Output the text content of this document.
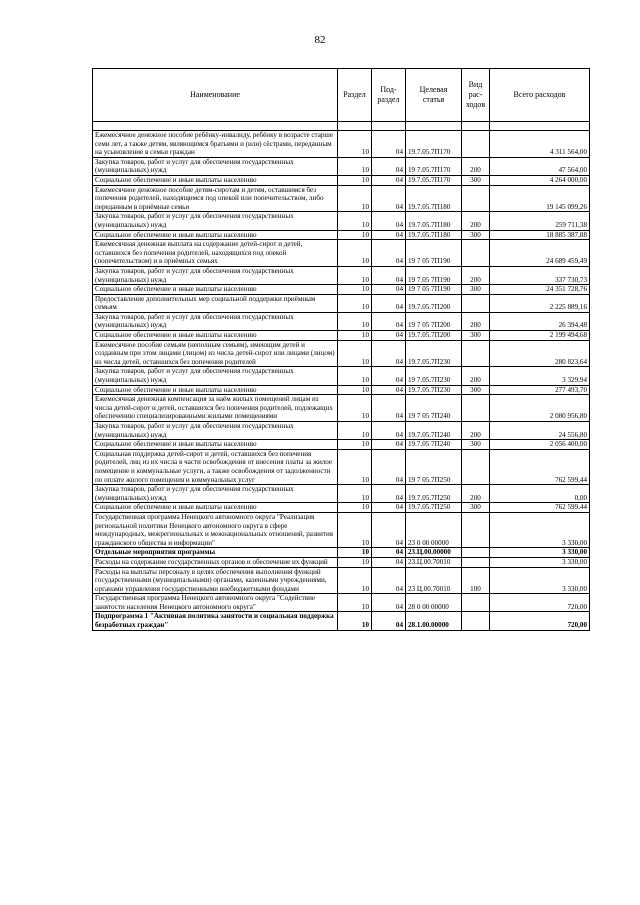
82
Наименование	Раздел	Под-раздел	Целевая статья	Вид рас-ходов	Всего расходов

Ежемесячное денежное пособие ребёнку-инвалиду, ребёнку в возрасте старше семи лет, а также детям, являющимся братьями и (или) сёстрами, переданным на усыновление в семьи граждан	10	04	19.7.05.7П170		4 311 564,00
Закупка товаров, работ и услуг для обеспечения государственных (муниципальных) нужд	10	04	19 7.05.7П170	200	47 564,00
Социальное обеспечение и иные выплаты населению	10	04	19.7.05.7П170	300	4 264 000,00
Ежемесячное денежное пособие детям-сиротам и детям, оставшимся без попечения родителей, находящимся под опекой или попечительством, либо переданным в приёмные семьи	10	04	19.7.05.7П180		19 145 099,26
Закупка товаров, работ и услуг для обеспечения государственных (муниципальных) нужд	10	04	19.7.05.7П180	200	259 711,38
Социальное обеспечение и иные выплаты населению	10	04	19.7.05.7П180	300	18 885 387,88
Ежемесячная денежная выплата на содержание детей-сирот и детей, оставшихся без попечения родителей, находящихся под опекой (попечительством) и в приёмных семьях	10	04	19 7 05 7П190		24 689 459,49
Закупка товаров, работ и услуг для обеспечения государственных (муниципальных) нужд	10	04	19 7.05 7П190	200	337 730,73
Социальное обеспечение и иные выплаты населению	10	04	19 7 05 7П190	300	24 351 728,76
Предоставление дополнительных мер социальной поддержки приёмным семьям	10	04	19.7.05.7П200		2 225 889,16
Закупка товаров, работ и услуг для обеспечения государственных (муниципальных) нужд	10	04	19 7 05 7П200	200	26 394,48
Социальное обеспечение и иные выплаты населению	10	04	19.7.05.7П200	300	2 199 494,68
Ежемесячное пособие семьям (неполным семьям), имеющим детей и созданным при этом лицами (лицом) из числа детей-сирот или лицами (лицом) из числа детей, оставшихся без попечения родителей	10	04	19.7.05.7П230		280 823,64
Закупка товаров, работ и услуг для обеспечения государственных (муниципальных) нужд	10	04	19 7.05.7П230	200	3 329,94
Социальное обеспечение и иные выплаты населению	10	04	19.7.05.7П230	300	277 493,70
Ежемесячная денежная компенсация за наём жилых помещений лицам из числа детей-сирот и детей, оставшихся без попечения родителей, подлежащих обеспечению специализированными жилыми помещениями	10	04	19 7 05 7П240		2 080 956,80
Закупка товаров, работ и услуг для обеспечения государственных (муниципальных) нужд	10	04	19.7.05.7П240	200	24 556,80
Социальное обеспечение и иные выплаты населению	10	04	19.7.05 7П240	300	2 056 400,00
Социальная поддержка детей-сирот и детей, оставшихся без попечения родителей, лиц из их числа в части освобождения от внесения платы за жилое помещение и коммунальные услуги, а также освобождения от задолженности по оплате жилого помещения и коммунальных услуг	10	04	19 7 05.7П250		762 599,44
Закупка товаров, работ и услуг для обеспечения государственных (муниципальных) нужд	10	04	19.7.05.7П250	200	0,00
Социальное обеспечение и иные выплаты населению	10	04	19.7.05.7П250	300	762 599,44
Государственная программа Ненецкого автономного округа "Реализация региональной политики Ненецкого автономного округа в сфере международных, межрегиональных и межнациональных отношений, развития гражданского общества и информации"	10	04	23 0 00 00000		3 330,00
Отдельные мероприятия программы	10	04	23.Ц.00.00000		3 330,00
Расходы на содержание государственных органов и обеспечение их функций	10	04	23.Ц.00.70010		3 330,00
Расходы на выплаты персоналу в целях обеспечения выполнения функций государственными (муниципальными) органами, казенными учреждениями, органами управления государственными внебюджетными фондами	10	04	23 Ц.00.70010	100	3 330,00
Государственная программа Ненецкого автономного округа "Содействие занятости населения Ненецкого автономного округа"	10	04	28 0 00 00000		720,00
Подпрограмма 1 "Активная политика занятости и социальная поддержка безработных граждан"	10	04	28.1.00.00000		720,00
